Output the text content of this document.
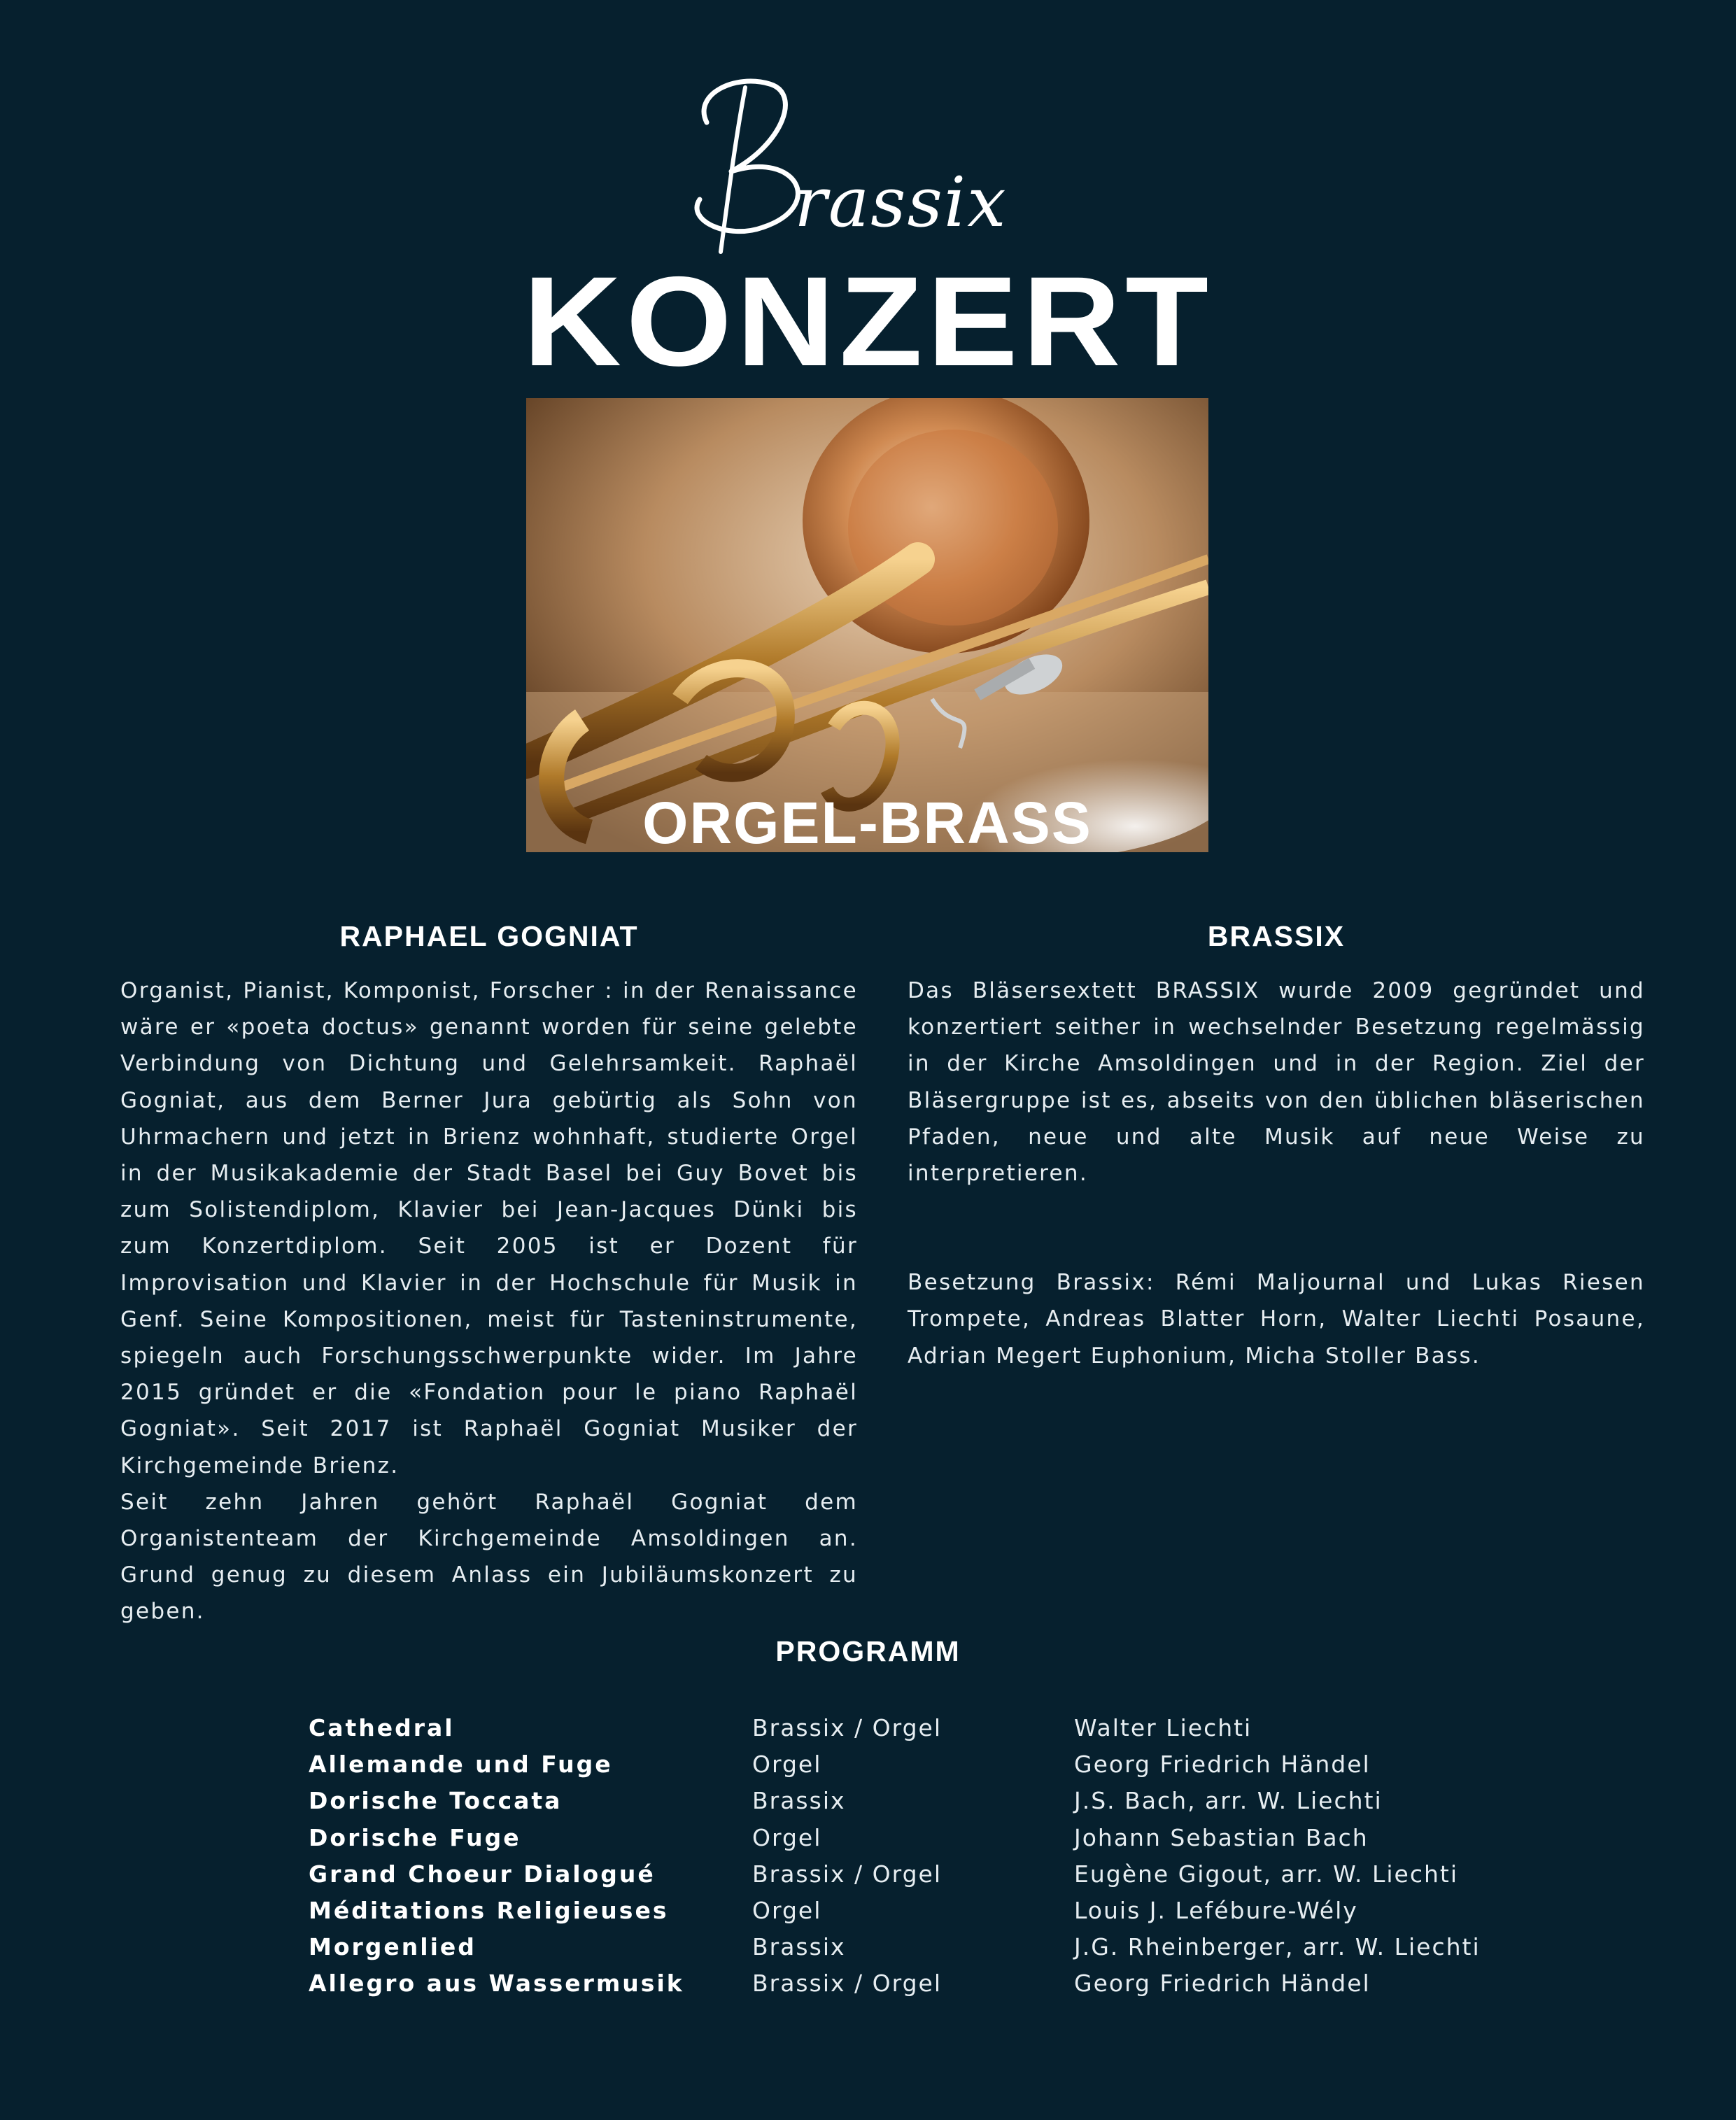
rassix
Brassix
KONZERT
ORGEL-BRASS
RAPHAEL GOGNIAT

Organist, Pianist, Komponist, Forscher : in der Renaissance wäre er «poeta doctus» genannt worden für seine gelebte Verbindung von Dichtung und Gelehrsamkeit. Raphaël Gogniat, aus dem Berner Jura gebürtig als Sohn von Uhrmachern und jetzt in Brienz wohnhaft, studierte Orgel in der Musikakademie der Stadt Basel bei Guy Bovet bis zum Solistendiplom, Klavier bei Jean-Jacques Dünki bis zum Konzertdiplom. Seit 2005 ist er Dozent für Improvisation und Klavier in der Hochschule für Musik in Genf. Seine Kompositionen, meist für Tasteninstrumente, spiegeln auch Forschungsschwerpunkte wider. Im Jahre 2015 gründet er die «Fondation pour le piano Raphaël Gogniat». Seit 2017 ist Raphaël Gogniat Musiker der Kirchgemeinde Brienz.

Seit zehn Jahren gehört Raphaël Gogniat dem Organistenteam der Kirchgemeinde Amsoldingen an. Grund genug zu diesem Anlass ein Jubiläumskonzert zu geben.

BRASSIX

Das Bläsersextett BRASSIX wurde 2009 gegründet und konzertiert seither in wechselnder Besetzung regelmässig in der Kirche Amsoldingen und in der Region. Ziel der Bläsergruppe ist es, abseits von den üblichen bläserischen Pfaden, neue und alte Musik auf neue Weise zu interpretieren.

Besetzung Brassix: Rémi Maljournal und Lukas Riesen Trompete, Andreas Blatter Horn, Walter Liechti Posaune, Adrian Megert Euphonium, Micha Stoller Bass.

PROGRAMM
Cathedral	Brassix / Orgel	Walter Liechti
Allemande und Fuge	Orgel	Georg Friedrich Händel
Dorische Toccata	Brassix	J.S. Bach, arr. W. Liechti
Dorische Fuge	Orgel	Johann Sebastian Bach
Grand Choeur Dialogué	Brassix / Orgel	Eugène Gigout, arr. W. Liechti
Méditations Religieuses	Orgel	Louis J. Lefébure-Wély
Morgenlied	Brassix	J.G. Rheinberger, arr. W. Liechti
Allegro aus Wassermusik	Brassix / Orgel	Georg Friedrich Händel
